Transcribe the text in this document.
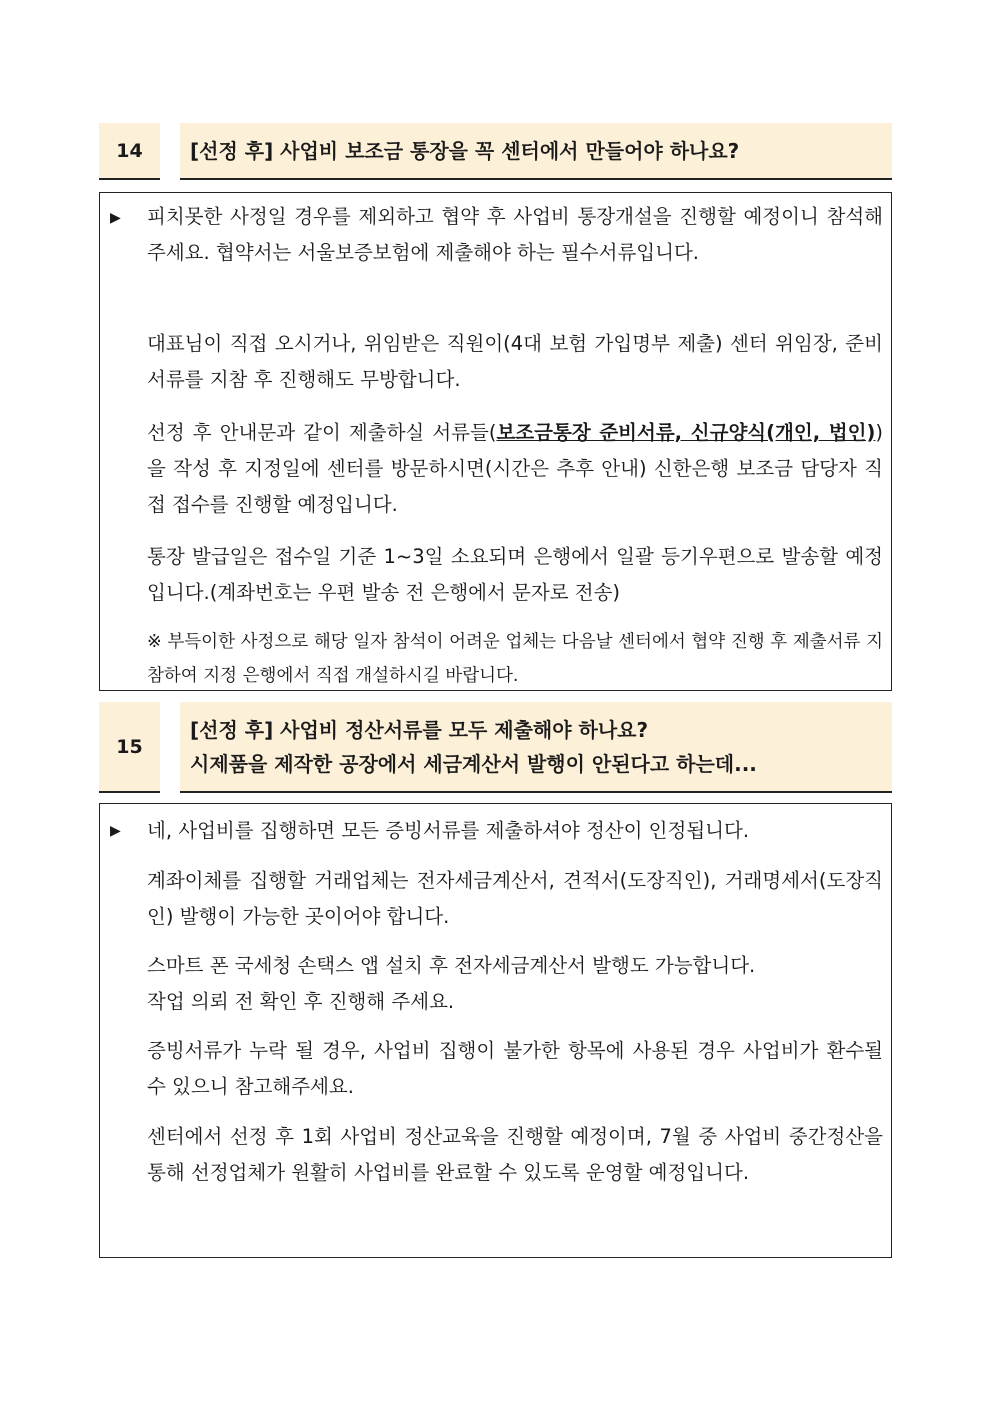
14	[선정 후] 사업비 보조금 통장을 꼭 센터에서 만들어야 하나요?
▶ 피치못한 사정일 경우를 제외하고 협약 후 사업비 통장개설을 진행할 예정이니 참석해주세요. 협약서는 서울보증보험에 제출해야 하는 필수서류입니다.

대표님이 직접 오시거나, 위임받은 직원이(4대 보험 가입명부 제출) 센터 위임장, 준비서류를 지참 후 진행해도 무방합니다.

선정 후 안내문과 같이 제출하실 서류들(보조금통장 준비서류, 신규양식(개인, 법인))을 작성 후 지정일에 센터를 방문하시면(시간은 추후 안내) 신한은행 보조금 담당자 직접 접수를 진행할 예정입니다.

통장 발급일은 접수일 기준 1~3일 소요되며 은행에서 일괄 등기우편으로 발송할 예정 입니다.(계좌번호는 우편 발송 전 은행에서 문자로 전송)

※ 부득이한 사정으로 해당 일자 참석이 어려운 업체는 다음날 센터에서 협약 진행 후 제출서류 지참하여 지정 은행에서 직접 개설하시길 바랍니다.

15
[선정 후] 사업비 정산서류를 모두 제출해야 하나요?
시제품을 제작한 공장에서 세금계산서 발행이 안된다고 하는데...
▶ 네, 사업비를 집행하면 모든 증빙서류를 제출하셔야 정산이 인정됩니다.

계좌이체를 집행할 거래업체는 전자세금계산서, 견적서(도장직인), 거래명세서(도장직인) 발행이 가능한 곳이어야 합니다.

스마트 폰 국세청 손택스 앱 설치 후 전자세금계산서 발행도 가능합니다.
작업 의뢰 전 확인 후 진행해 주세요.

증빙서류가 누락 될 경우, 사업비 집행이 불가한 항목에 사용된 경우 사업비가 환수될 수 있으니 참고해주세요.

센터에서 선정 후 1회 사업비 정산교육을 진행할 예정이며, 7월 중 사업비 중간정산을 통해 선정업체가 원활히 사업비를 완료할 수 있도록 운영할 예정입니다.
